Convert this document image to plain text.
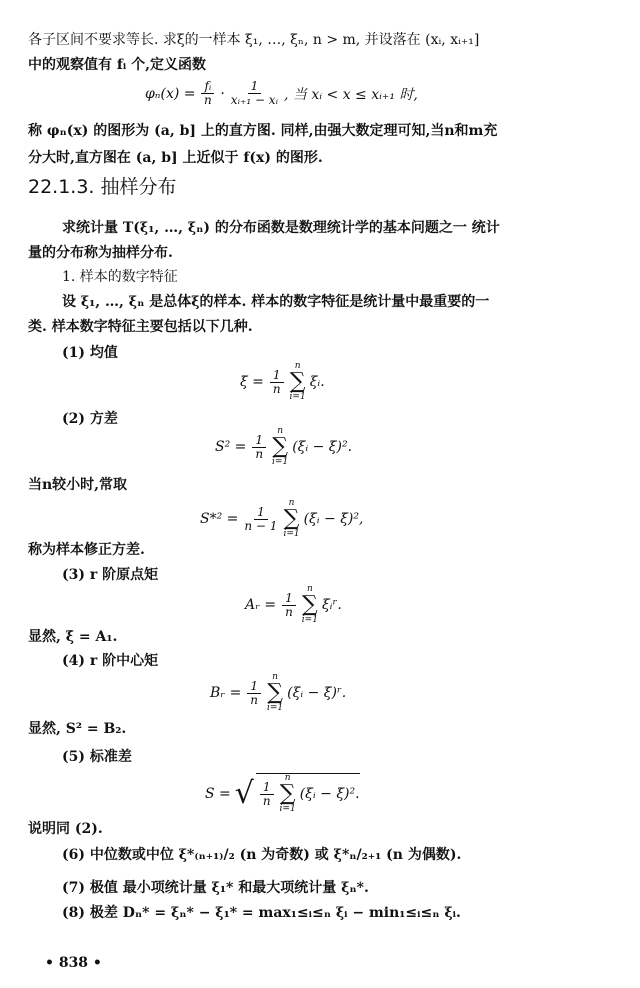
各子区间不要求等长. 求ξ的一样本 ξ₁, …, ξₙ, n > m, 并设落在 (xᵢ, xᵢ₊₁]
中的观察值有 fᵢ 个,定义函数
$\varphi_n(x) = \frac{\text{fᵢ}}{n} \cdot \frac{1}{\text{xᵢ₊₁ − xᵢ}}$ , 当 xᵢ < x ≤ xᵢ₊₁ 时,
称 φₙ(x) 的图形为 (a, b] 上的直方图. 同样,由强大数定理可知,当n和m充
分大时,直方图在 (a, b] 上近似于 f(x) 的图形.
22.1.3. 抽样分布
求统计量 T(ξ₁, …, ξₙ) 的分布函数是数理统计学的基本问题之一 统计
量的分布称为抽样分布.
1. 样本的数字特征
设 ξ₁, …, ξₙ 是总体ξ的样本. 样本的数字特征是统计量中最重要的一
类. 样本数字特征主要包括以下几种.
(1) 均值
ξ̄ = $\frac{1}{n}$
n
∑
i=1
ξᵢ.
(2) 方差
$S^2 = \frac{1}{n}$
n
∑
i=1
(ξᵢ − ξ̄)².
当n较小时,常取
$S*^2 = \frac{1}{n - 1}$
n
∑
i=1
(ξᵢ − ξ̄)²,
称为样本修正方差.
(3) r 阶原点矩
Aᵣ = $\frac{1}{n}$
n
∑
i=1
ξᵢʳ.
显然, ξ̄ = A₁.
(4) r 阶中心矩
Bᵣ = $\frac{1}{n}$
n
∑
i=1
(ξᵢ − ξ̄)ʳ.
显然, S² = B₂.
(5) 标准差
S = √ $\frac{1}{n}$
n
∑
i=1
(ξᵢ − ξ̄)².
说明同 (2).
(6) 中位数或中位 ξ*₍ₙ₊₁₎/₂ (n 为奇数) 或 ξ*ₙ/₂₊₁ (n 为偶数).
(7) 极值 最小项统计量 ξ₁* 和最大项统计量 ξₙ*.
(8) 极差 Dₙ* = ξₙ* − ξ₁* = max₁≤ᵢ≤ₙ ξᵢ − min₁≤ᵢ≤ₙ ξᵢ.
• 838 •
